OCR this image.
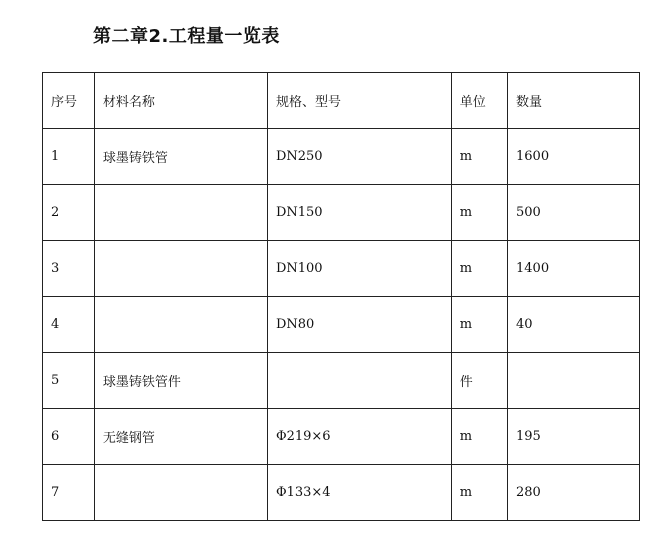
第二章2.工程量一览表
序号	材料名称	规格、型号	单位	数量
1	球墨铸铁管	DN250	m	1600
2		DN150	m	500
3		DN100	m	1400
4		DN80	m	40
5	球墨铸铁管件		件	
6	无缝钢管	Φ219×6	m	195
7		Φ133×4	m	280
